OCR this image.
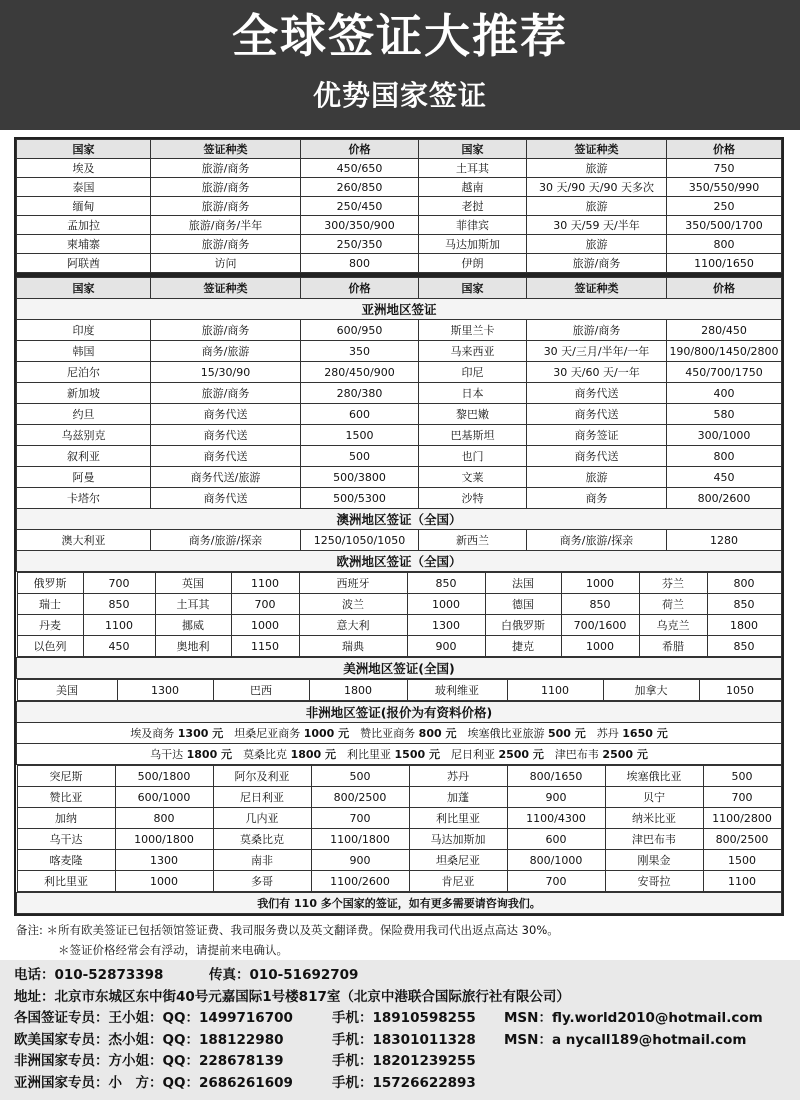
全球签证大推荐
优势国家签证
国家	签证种类	价格	国家	签证种类	价格
埃及	旅游/商务	450/650	土耳其	旅游	750
泰国	旅游/商务	260/850	越南	30 天/90 天/90 天多次	350/550/990
缅甸	旅游/商务	250/450	老挝	旅游	250
孟加拉	旅游/商务/半年	300/350/900	菲律宾	30 天/59 天/半年	350/500/1700
柬埔寨	旅游/商务	250/350	马达加斯加	旅游	800
阿联酋	访问	800	伊朗	旅游/商务	1100/1650
国家	签证种类	价格	国家	签证种类	价格
亚洲地区签证
印度	旅游/商务	600/950	斯里兰卡	旅游/商务	280/450
韩国	商务/旅游	350	马来西亚	30 天/三月/半年/一年	190/800/1450/2800
尼泊尔	15/30/90	280/450/900	印尼	30 天/60 天/一年	450/700/1750
新加坡	旅游/商务	280/380	日本	商务代送	400
约旦	商务代送	600	黎巴嫩	商务代送	580
乌兹别克	商务代送	1500	巴基斯坦	商务签证	300/1000
叙利亚	商务代送	500	也门	商务代送	800
阿曼	商务代送/旅游	500/3800	文莱	旅游	450
卡塔尔	商务代送	500/5300	沙特	商务	800/2600
澳洲地区签证（全国）
澳大利亚	商务/旅游/探亲	1250/1050/1050	新西兰	商务/旅游/探亲	1280
欧洲地区签证（全国）

俄罗斯	700	英国	1100	西班牙	850	法国	1000	芬兰	800
瑞士	850	土耳其	700	波兰	1000	德国	850	荷兰	850
丹麦	1100	挪威	1000	意大利	1300	白俄罗斯	700/1600	乌克兰	1800
以色列	450	奥地利	1150	瑞典	900	捷克	1000	希腊	850

美洲地区签证(全国)

美国	1300	巴西	1800	玻利维亚	1100	加拿大	1050

非洲地区签证(报价为有资料价格)
埃及商务 1300 元　 坦桑尼亚商务 1000 元　 赞比亚商务 800 元　 埃塞俄比亚旅游 500 元　 苏丹 1650 元　
乌干达 1800 元　 莫桑比克 1800 元　 利比里亚 1500 元　 尼日利亚 2500 元　 津巴布韦 2500 元　

突尼斯	500/1800	阿尔及利亚	500	苏丹	800/1650	埃塞俄比亚	500
赞比亚	600/1000	尼日利亚	800/2500	加蓬	900	贝宁	700
加纳	800	几内亚	700	利比里亚	1100/4300	纳米比亚	1100/2800
乌干达	1000/1800	莫桑比克	1100/1800	马达加斯加	600	津巴布韦	800/2500
喀麦隆	1300	南非	900	坦桑尼亚	800/1000	刚果金	1500
利比里亚	1000	多哥	1100/2600	肯尼亚	700	安哥拉	1100

我们有 110 多个国家的签证，如有更多需要请咨询我们。
备注: ＊所有欧美签证已包括领馆签证费、我司服务费以及英文翻译费。保险费用我司代出返点高达 30%。
＊签证价格经常会有浮动，请提前来电确认。
电话：010-52873398	传真：010-51692709
地址：北京市东城区东中街40号元嘉国际1号楼817室（北京中港联合国际旅行社有限公司）
各国签证专员：王小姐：QQ：1499716700	手机：18910598255 MSN：fly.world2010@hotmail.com
欧美国家专员：杰小姐：QQ：188122980	手机：18301011328 MSN：a nycall189@hotmail.com
非洲国家专员：方小姐：QQ：228678139	手机：18201239255
亚洲国家专员：小　方：QQ：2686261609	手机：15726622893
